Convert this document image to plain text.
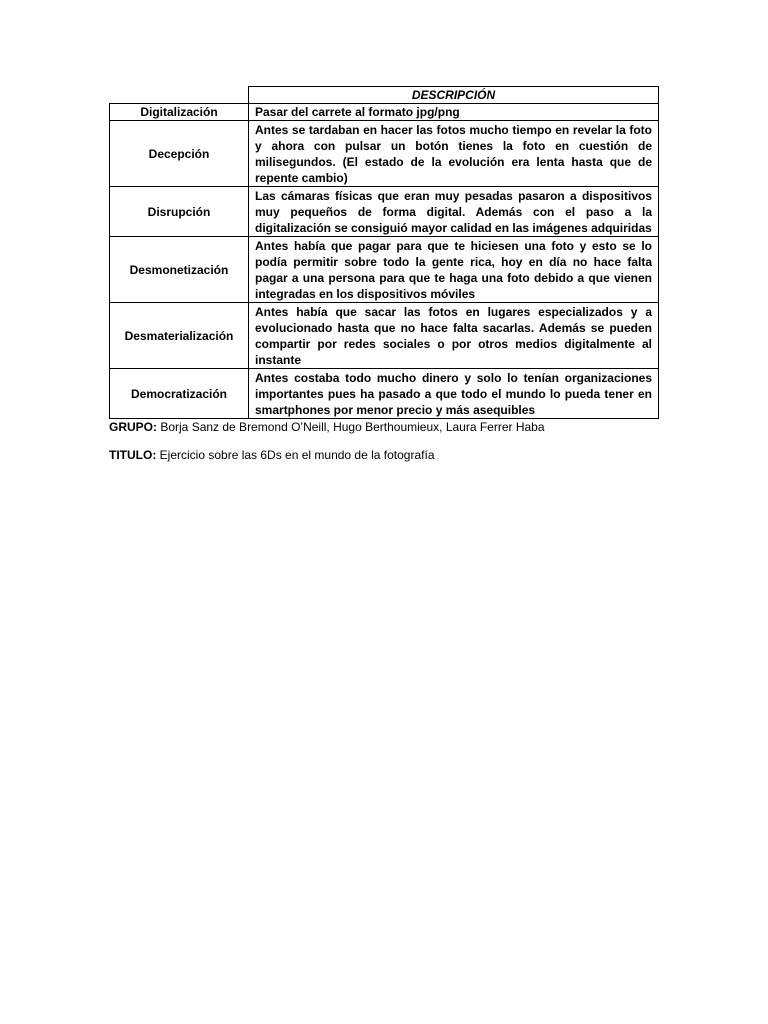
	DESCRIPCIÓN
Digitalización	Pasar del carrete al formato jpg/png
Decepción	Antes se tardaban en hacer las fotos mucho tiempo en revelar la foto y ahora con pulsar un botón tienes la foto en cuestión de milisegundos. (El estado de la evolución era lenta hasta que de repente cambio)
Disrupción	Las cámaras físicas que eran muy pesadas pasaron a dispositivos muy pequeños de forma digital. Además con el paso a la digitalización se consiguió mayor calidad en las imágenes adquiridas
Desmonetización	Antes había que pagar para que te hiciesen una foto y esto se lo podía permitir sobre todo la gente rica, hoy en día no hace falta pagar a una persona para que te haga una foto debido a que vienen integradas en los dispositivos móviles
Desmaterialización	Antes había que sacar las fotos en lugares especializados y a evolucionado hasta que no hace falta sacarlas. Además se pueden compartir por redes sociales o por otros medios digitalmente al instante
Democratización	Antes costaba todo mucho dinero y solo lo tenían organizaciones importantes pues ha pasado a que todo el mundo lo pueda tener en smartphones por menor precio y más asequibles
GRUPO: Borja Sanz de Bremond O’Neill, Hugo Berthoumieux, Laura Ferrer Haba
TITULO: Ejercicio sobre las 6Ds en el mundo de la fotografía
